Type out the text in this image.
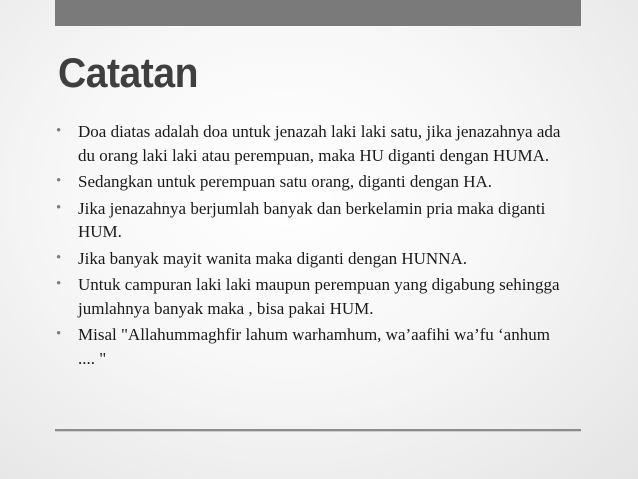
Catatan
• Doa diatas adalah doa untuk jenazah laki laki satu, jika jenazahnya ada du orang laki laki atau perempuan, maka HU diganti dengan HUMA.
• Sedangkan untuk perempuan satu orang, diganti dengan HA.
• Jika jenazahnya berjumlah banyak dan berkelamin pria maka diganti HUM.
• Jika banyak mayit wanita maka diganti dengan HUNNA.
• Untuk campuran laki laki maupun perempuan yang digabung sehingga jumlahnya banyak maka , bisa pakai HUM.
• Misal "Allahummaghfir lahum warhamhum, wa’aafihi wa’fu ‘anhum .... "
